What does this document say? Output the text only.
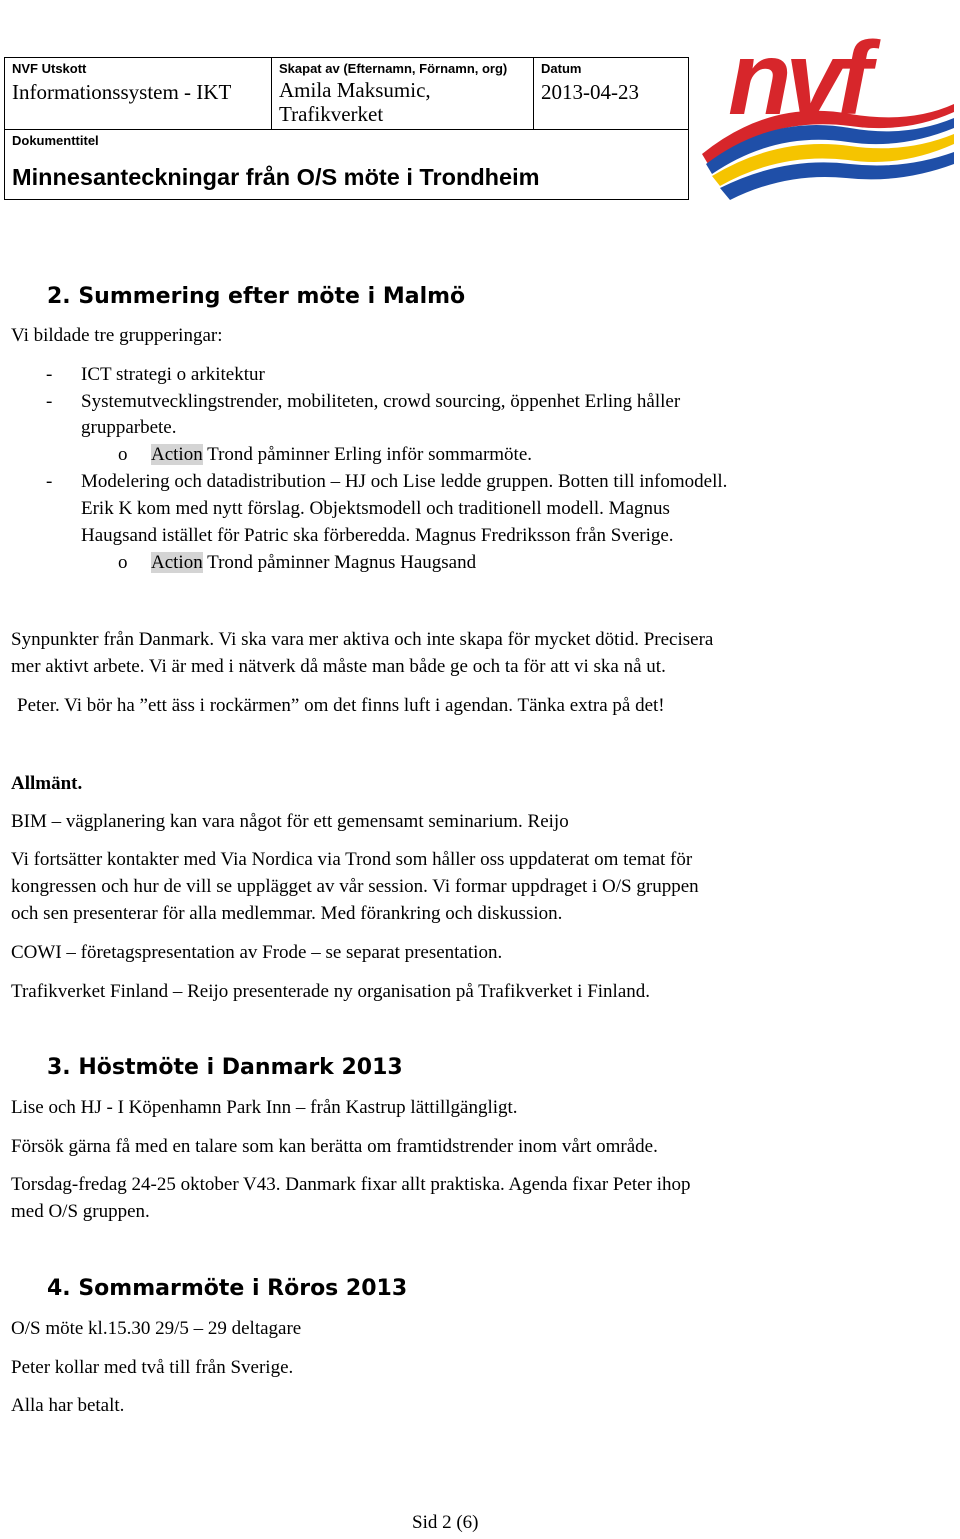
NVF Utskott
Informationssystem - IKT

Skapat av (Efternamn, Förnamn, org)
Amila Maksumic,
Trafikverket

Datum
2013-04-23

Dokumenttitel
Minnesanteckningar från O/S möte i Trondheim
nvf
2. Summering efter möte i Malmö
Vi bildade tre grupperingar:
- ICT strategi o arkitektur
- Systemutvecklingstrender, mobiliteten, crowd sourcing, öppenhet Erling håller
grupparbete.
o Action Trond påminner Erling inför sommarmöte.
- Modelering och datadistribution – HJ och Lise ledde gruppen. Botten till infomodell.
Erik K kom med nytt förslag. Objektsmodell och traditionell modell. Magnus
Haugsand istället för Patric ska förberedda. Magnus Fredriksson från Sverige.
o Action Trond påminner Magnus Haugsand
Synpunkter från Danmark. Vi ska vara mer aktiva och inte skapa för mycket dötid. Precisera
mer aktivt arbete. Vi är med i nätverk då måste man både ge och ta för att vi ska nå ut.
Peter. Vi bör ha ”ett äss i rockärmen” om det finns luft i agendan. Tänka extra på det!
Allmänt.
BIM – vägplanering kan vara något för ett gemensamt seminarium. Reijo
Vi fortsätter kontakter med Via Nordica via Trond som håller oss uppdaterat om temat för
kongressen och hur de vill se upplägget av vår session. Vi formar uppdraget i O/S gruppen
och sen presenterar för alla medlemmar. Med förankring och diskussion.
COWI – företagspresentation av Frode – se separat presentation.
Trafikverket Finland – Reijo presenterade ny organisation på Trafikverket i Finland.
3. Höstmöte i Danmark 2013
Lise och HJ - I Köpenhamn Park Inn – från Kastrup lättillgängligt.
Försök gärna få med en talare som kan berätta om framtidstrender inom vårt område.
Torsdag-fredag 24-25 oktober V43. Danmark fixar allt praktiska. Agenda fixar Peter ihop
med O/S gruppen.
4. Sommarmöte i Röros 2013
O/S möte kl.15.30 29/5 – 29 deltagare
Peter kollar med två till från Sverige.
Alla har betalt.
Sid 2 (6)
